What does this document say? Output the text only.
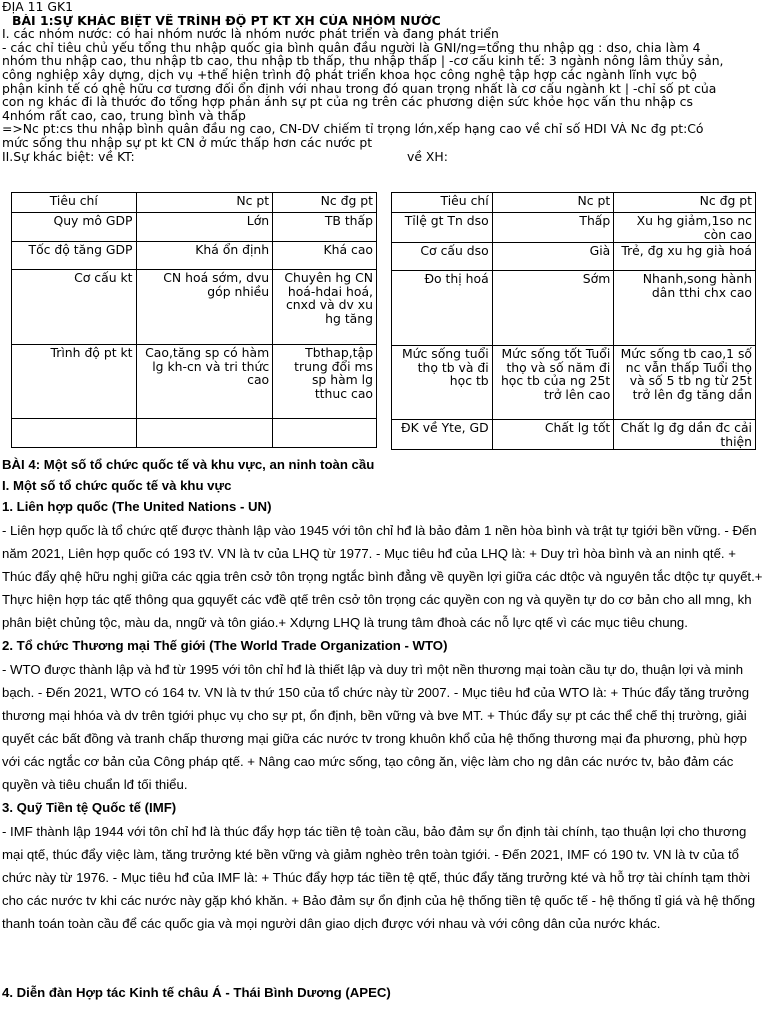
ĐỊA 11 GK1
BÀI 1:SỰ KHÁC BIỆT VỀ TRÌNH ĐỘ PT KT XH CỦA NHÓM NƯỚC
I. các nhóm nước: có hai nhóm nước là nhóm nước phát triển và đang phát triển
- các chỉ tiêu chủ yếu tổng thu nhập quốc gia bình quân đầu người là GNI/ng=tổng thu nhập qg : dso, chia làm 4
nhóm thu nhập cao, thu nhập tb cao, thu nhập tb thấp, thu nhập thấp | -cơ cấu kinh tế: 3 ngành nông lâm thủy sản,
công nghiệp xây dựng, dịch vụ +thể hiện trình độ phát triển khoa học công nghệ tập hợp các ngành lĩnh vực bộ
phận kinh tế có qhệ hữu cơ tương đối ổn định với nhau trong đó quan trọng nhất là cơ cấu ngành kt | -chỉ số pt của
con ng khác đi là thước đo tổng hợp phản ánh sự pt của ng trên các phương diện sức khỏe học vấn thu nhập cs
4nhóm rất cao, cao, trung bình và thấp
=>Nc pt:cs thu nhập bình quân đầu ng cao, CN-DV chiếm tỉ trọng lớn,xếp hạng cao về chỉ số HDI VÀ Nc đg pt:Có
mức sống thu nhập sự pt kt CN ở mức thấp hơn các nước pt
II.Sự khác biệt: về KT:	về XH:
Tiêu chí	Nc pt	Nc đg pt
Quy mô GDP	Lớn	TB thấp
Tốc độ tăng GDP	Khá ổn định	Khá cao
Cơ cấu kt	CN hoá sớm, dvu góp nhiều	Chuyên hg CN hoá-hdai hoá, cnxd và dv xu hg tăng
Trình độ pt kt	Cao,tăng sp có hàm lg kh-cn và tri thức cao	Tbthap,tập trung đổi ms sp hàm lg tthuc cao

Tiêu chí	Nc pt	Nc đg pt
Tỉlệ gt Tn dso	Thấp	Xu hg giảm,1so nc còn cao
Cơ cấu dso	Già	Trẻ, đg xu hg già hoá
Đo thị hoá	Sớm	Nhanh,song hành dân tthi chx cao
Mức sống tuổi thọ tb và đi học tb	Mức sống tốt Tuổi thọ và số năm đi học tb của ng 25t trở lên cao	Mức sống tb cao,1 số nc vẫn thấp Tuổi thọ và số 5 tb ng từ 25t trở lên đg tăng dần
ĐK về Yte, GD	Chất lg tốt	Chất lg đg dần đc cải thiện
BÀI 4: Một số tổ chức quốc tế và khu vực, an ninh toàn cầu
I. Một số tổ chức quốc tế và khu vực
1. Liên hợp quốc (The United Nations - UN)
- Liên hợp quốc là tổ chức qtế được thành lập vào 1945 với tôn chỉ hđ là bảo đảm 1 nền hòa bình và trật tự tgiới bền vững. - Đến năm 2021, Liên hợp quốc có 193 tV. VN là tv của LHQ từ 1977. - Mục tiêu hđ của LHQ là: + Duy trì hòa bình và an ninh qtế. + Thúc đẩy qhệ hữu nghị giữa các qgia trên csở tôn trọng ngtắc bình đẳng về quyền lợi giữa các dtộc và nguyên tắc dtộc tự quyết.+ Thực hiện hợp tác qtế thông qua gquyết các vđề qtế trên csở tôn trọng các quyền con ng và quyền tự do cơ bản cho all mng, kh phân biệt chủng tộc, màu da, nngữ và tôn giáo.+ Xdựng LHQ là trung tâm đhoà các nỗ lực qtế vì các mục tiêu chung.
2. Tổ chức Thương mại Thế giới (The World Trade Organization - WTO)
- WTO được thành lập và hđ từ 1995 với tôn chỉ hđ là thiết lập và duy trì một nền thương mại toàn cầu tự do, thuận lợi và minh bạch. - Đến 2021, WTO có 164 tv. VN là tv thứ 150 của tổ chức này từ 2007. - Mục tiêu hđ của WTO là: + Thúc đẩy tăng trưởng thương mại hhóa và dv trên tgiới phục vụ cho sự pt, ổn định, bền vững và bve MT. + Thúc đẩy sự pt các thể chế thị trường, giải quyết các bất đồng và tranh chấp thương mại giữa các nước tv trong khuôn khổ của hệ thống thương mại đa phương, phù hợp với các ngtắc cơ bản của Công pháp qtế. + Nâng cao mức sống, tạo công ăn, việc làm cho ng dân các nước tv, bảo đảm các quyền và tiêu chuẩn lđ tối thiểu.
3. Quỹ Tiền tệ Quốc tế (IMF)
- IMF thành lập 1944 với tôn chỉ hđ là thúc đẩy hợp tác tiền tệ toàn cầu, bảo đảm sự ổn định tài chính, tạo thuận lợi cho thương mại qtế, thúc đẩy việc làm, tăng trưởng kté bền vững và giảm nghèo trên toàn tgiới. - Đến 2021, IMF có 190 tv. VN là tv của tổ chức này từ 1976. - Mục tiêu hđ của IMF là: + Thúc đẩy hợp tác tiền tệ qtế, thúc đẩy tăng trưởng kté và hỗ trợ tài chính tạm thời cho các nước tv khi các nước này gặp khó khăn. + Bảo đảm sự ổn định của hệ thống tiền tệ quốc tế - hệ thống tỉ giá và hệ thống thanh toán toàn cầu để các quốc gia và mọi người dân giao dịch được với nhau và với công dân của nước khác.
4. Diễn đàn Hợp tác Kinh tế châu Á - Thái Bình Dương (APEC)
